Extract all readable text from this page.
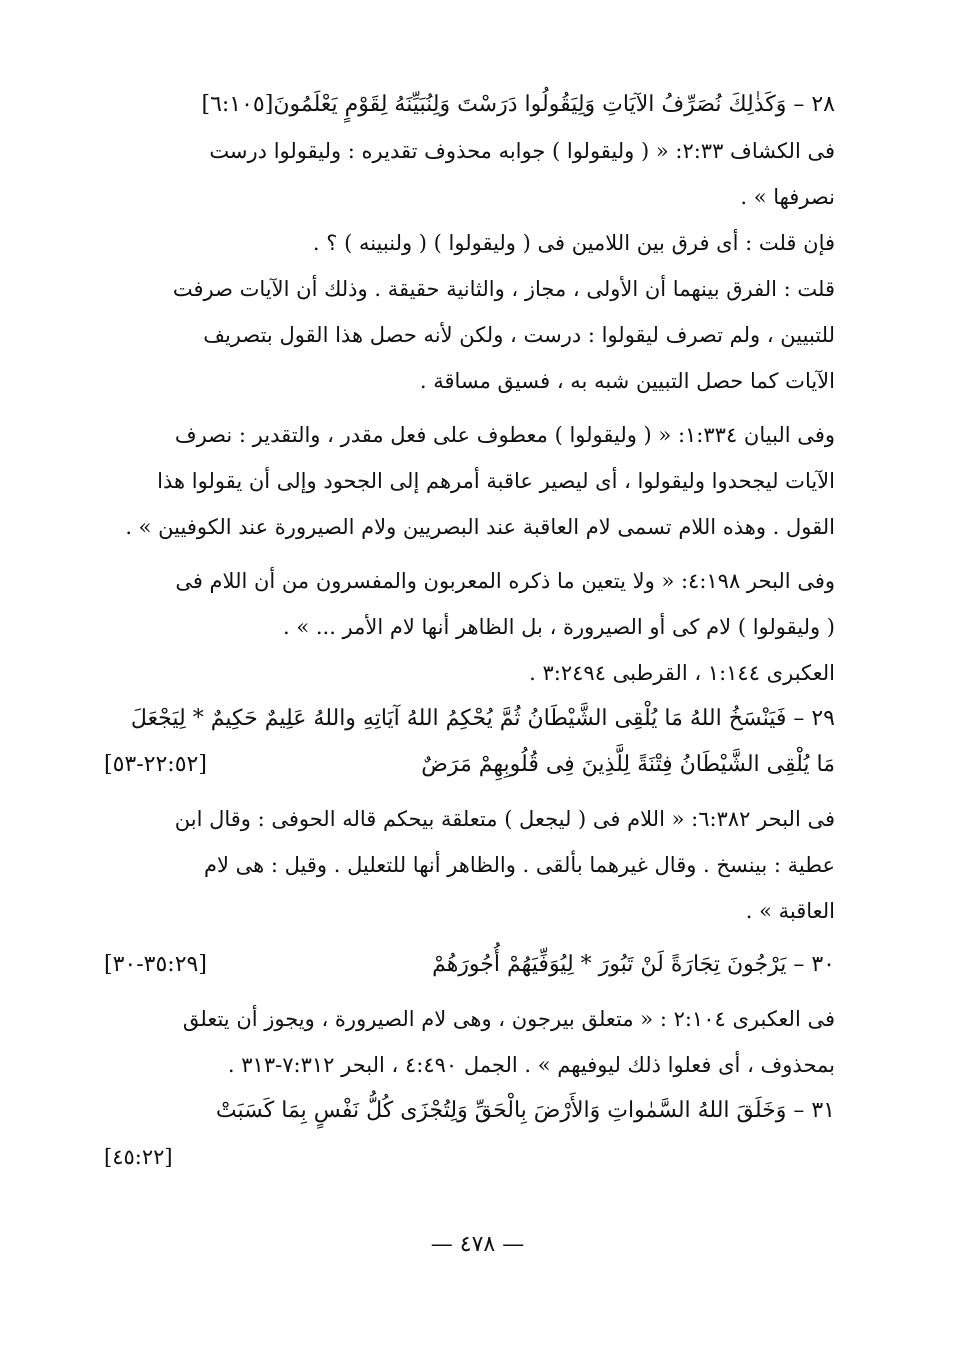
٢٨ – وَكَذٰلِكَ نُصَرِّفُ الآيَاتِ وَلِيَقُولُوا دَرَسْتَ وَلِنُبَيِّنَهُ لِقَوْمٍ يَعْلَمُونَ[٦:١٠٥]
فى الكشاف ٢:٣٣: « ( وليقولوا ) جوابه محذوف تقديره : وليقولوا درست
نصرفها » .
فإن قلت : أى فرق بين اللامين فى ( وليقولوا ) ( ولنبينه ) ؟ .
قلت : الفرق بينهما أن الأولى ، مجاز ، والثانية حقيقة . وذلك أن الآيات صرفت
للتبيين ، ولم تصرف ليقولوا : درست ، ولكن لأنه حصل هذا القول بتصريف
الآيات كما حصل التبيين شبه به ، فسيق مساقة .
وفى البيان ١:٣٣٤: « ( وليقولوا ) معطوف على فعل مقدر ، والتقدير : نصرف
الآيات ليجحدوا وليقولوا ، أى ليصير عاقبة أمرهم إلى الجحود وإلى أن يقولوا هذا
القول . وهذه اللام تسمى لام العاقبة عند البصريين ولام الصيرورة عند الكوفيين » .
وفى البحر ٤:١٩٨: « ولا يتعين ما ذكره المعربون والمفسرون من أن اللام فى
( وليقولوا ) لام كى أو الصيرورة ، بل الظاهر أنها لام الأمر ... » .
العكبرى ١:١٤٤ ، القرطبى ٣:٢٤٩٤ .
٢٩ – فَيَنْسَخُ اللهُ مَا يُلْقِى الشَّيْطَانُ ثُمَّ يُحْكِمُ اللهُ آيَاتِهِ واللهُ عَلِيمٌ حَكِيمٌ * لِيَجْعَلَ
مَا يُلْقِى الشَّيْطَانُ فِتْنَةً لِلَّذِينَ فِى قُلُوبِهِمْ مَرَضٌ
[٢٢:٥٢-٥٣]
فى البحر ٦:٣٨٢: « اللام فى ( ليجعل ) متعلقة بيحكم قاله الحوفى : وقال ابن
عطية : بينسخ . وقال غيرهما بألقى . والظاهر أنها للتعليل . وقيل : هى لام
العاقبة » .
٣٠ – يَرْجُونَ تِجَارَةً لَنْ تَبُورَ * لِيُوَفِّيَهُمْ أُجُورَهُمْ
[٣٥:٢٩-٣٠]
فى العكبرى ٢:١٠٤ : « متعلق بيرجون ، وهى لام الصيرورة ، ويجوز أن يتعلق
بمحذوف ، أى فعلوا ذلك ليوفيهم » . الجمل ٤:٤٩٠ ، البحر ٧:٣١٢-٣١٣ .
٣١ – وَخَلَقَ اللهُ السَّمٰواتِ وَالأَرْضَ بِالْحَقِّ وَلِتُجْزَى كُلُّ نَفْسٍ بِمَا كَسَبَتْ
[٤٥:٢٢]
— ٤٧٨ —
